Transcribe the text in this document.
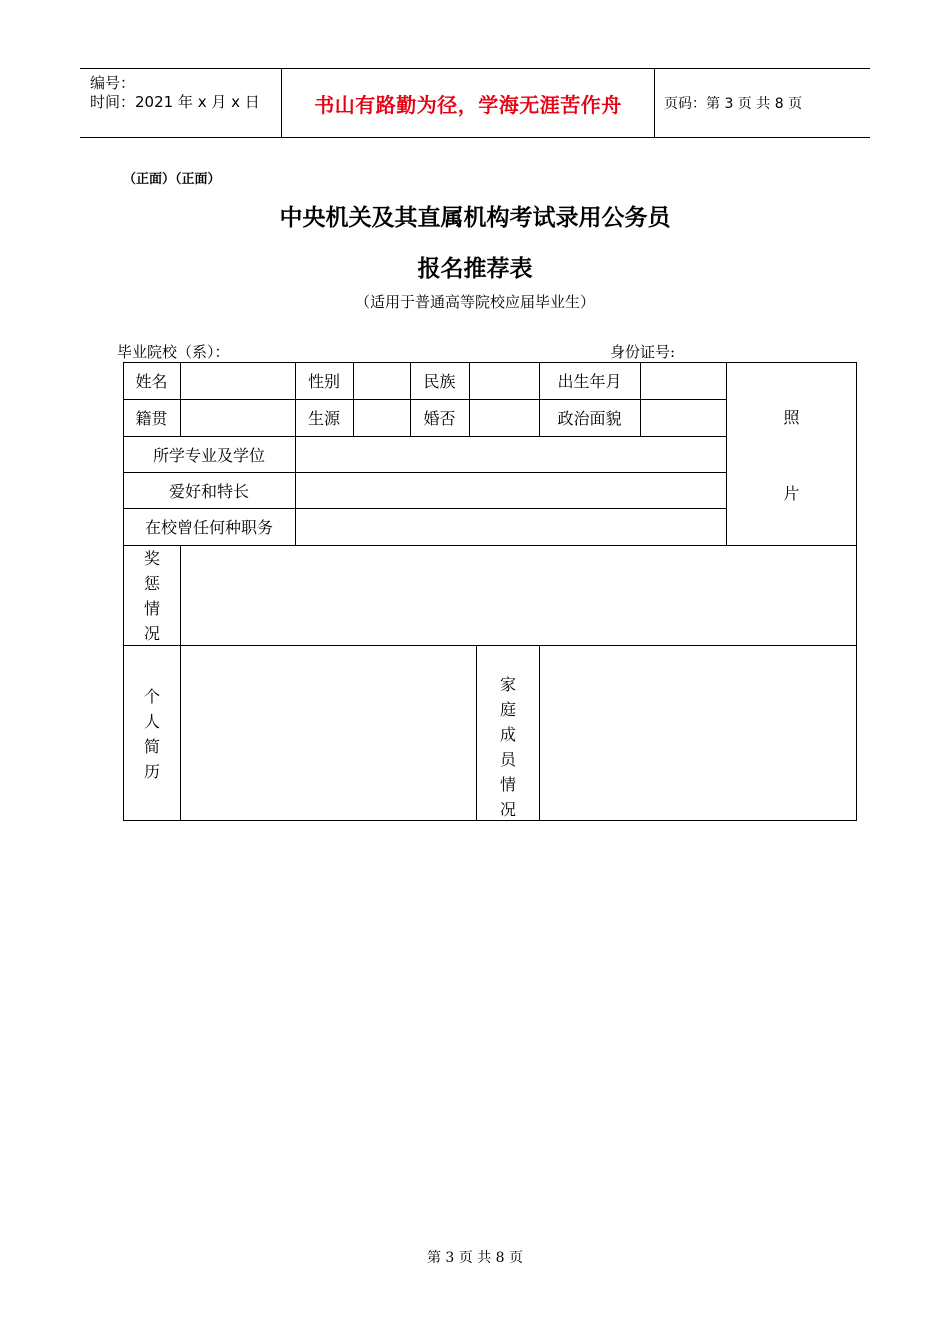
编号：
时间：2021 年 x 月 x 日	书山有路勤为径，学海无涯苦作舟	页码：第 3 页 共 8 页
（正面）（正面）
中央机关及其直属机构考试录用公务员
报名推荐表
（适用于普通高等院校应届毕业生）
毕业院校（系）：	身份证号:
姓名	性别	民族	出生年月
籍贯	生源	婚否	政治面貌
所学专业及学位
爱好和特长
在校曾任何种职务
照
片
奖
惩
情
况
个
人
简
历
家
庭
成
员
情
况
第 3 页 共 8 页
